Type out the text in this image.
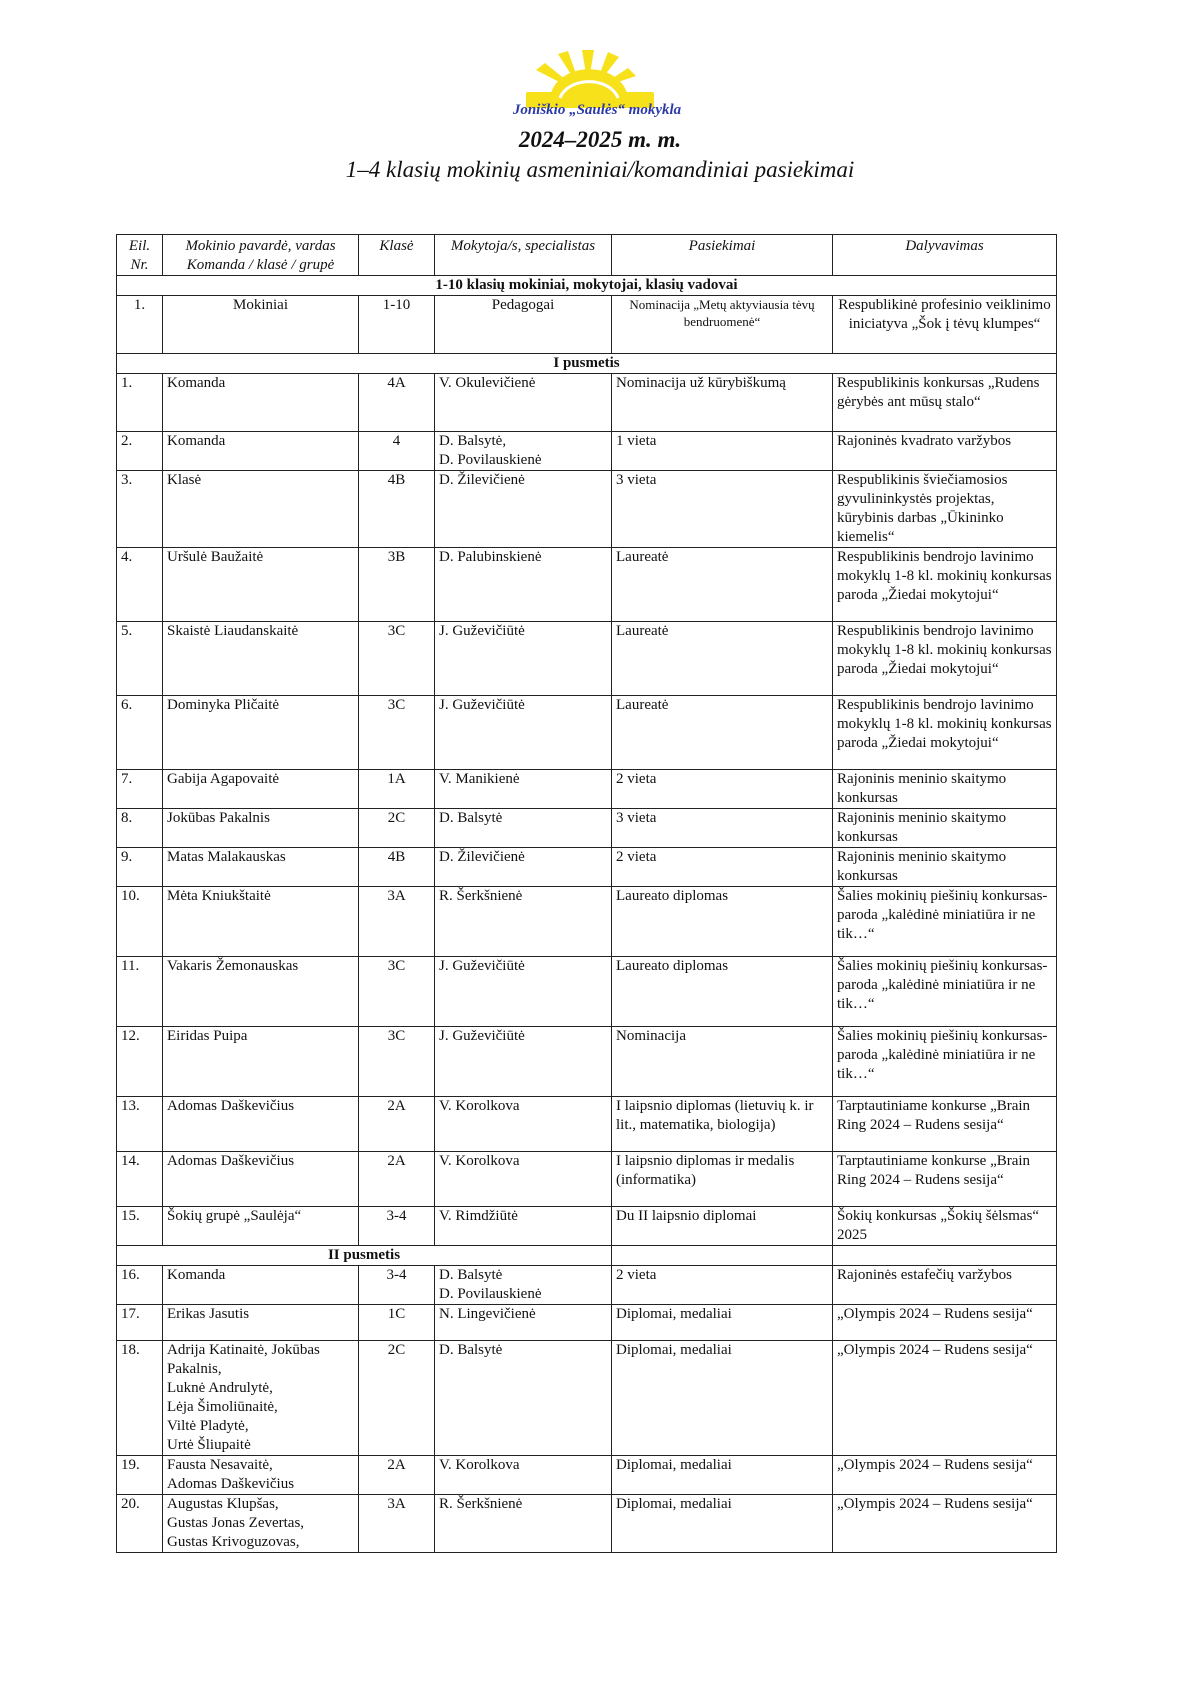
Joniškio „Saulės“ mokykla
2024–2025 m. m.
1–4 klasių mokinių asmeniniai/komandiniai pasiekimai
Eil. Nr.	Mokinio pavardė, vardas Komanda / klasė / grupė	Klasė	Mokytoja/s, specialistas	Pasiekimai	Dalyvavimas
1-10 klasių mokiniai, mokytojai, klasių vadovai					
1.	Mokiniai	1-10	Pedagogai	Nominacija „Metų aktyviausia tėvų bendruomenė“	Respublikinė profesinio veiklinimo iniciatyva „Šok į tėvų klumpes“
I pusmetis					
1.	Komanda	4A	V. Okulevičienė	Nominacija už kūrybiškumą	Respublikinis konkursas „Rudens gėrybės ant mūsų stalo“
2.	Komanda	4	D. Balsytė,
D. Povilauskienė	1 vieta	Rajoninės kvadrato varžybos
3.	Klasė	4B	D. Žilevičienė	3 vieta	Respublikinis šviečiamosios gyvulininkystės projektas, kūrybinis darbas „Ūkininko kiemelis“
4.	Uršulė Baužaitė	3B	D. Palubinskienė	Laureatė	Respublikinis bendrojo lavinimo mokyklų 1-8 kl. mokinių konkursas paroda „Žiedai mokytojui“
5.	Skaistė Liaudanskaitė	3C	J. Guževičiūtė	Laureatė	Respublikinis bendrojo lavinimo mokyklų 1-8 kl. mokinių konkursas paroda „Žiedai mokytojui“
6.	Dominyka Pličaitė	3C	J. Guževičiūtė	Laureatė	Respublikinis bendrojo lavinimo mokyklų 1-8 kl. mokinių konkursas paroda „Žiedai mokytojui“
7.	Gabija Agapovaitė	1A	V. Manikienė	2 vieta	Rajoninis meninio skaitymo konkursas
8.	Jokūbas Pakalnis	2C	D. Balsytė	3 vieta	Rajoninis meninio skaitymo konkursas
9.	Matas Malakauskas	4B	D. Žilevičienė	2 vieta	Rajoninis meninio skaitymo konkursas
10.	Mėta Kniukštaitė	3A	R. Šerkšnienė	Laureato diplomas	Šalies mokinių piešinių konkursas-paroda „kalėdinė miniatiūra ir ne tik…“
11.	Vakaris Žemonauskas	3C	J. Guževičiūtė	Laureato diplomas	Šalies mokinių piešinių konkursas-paroda „kalėdinė miniatiūra ir ne tik…“
12.	Eiridas Puipa	3C	J. Guževičiūtė	Nominacija	Šalies mokinių piešinių konkursas-paroda „kalėdinė miniatiūra ir ne tik…“
13.	Adomas Daškevičius	2A	V. Korolkova	I laipsnio diplomas (lietuvių k. ir lit., matematika, biologija)	Tarptautiniame konkurse „Brain Ring 2024 – Rudens sesija“
14.	Adomas Daškevičius	2A	V. Korolkova	I laipsnio diplomas ir medalis (informatika)	Tarptautiniame konkurse „Brain Ring 2024 – Rudens sesija“
15.	Šokių grupė „Saulėja“	3-4	V. Rimdžiūtė	Du II laipsnio diplomai	Šokių konkursas „Šokių šėlsmas“ 2025
II pusmetis					
16.	Komanda	3-4	D. Balsytė
D. Povilauskienė	2 vieta	Rajoninės estafečių varžybos
17.	Erikas Jasutis	1C	N. Lingevičienė	Diplomai, medaliai	„Olympis 2024 – Rudens sesija“
18.	Adrija Katinaitė, Jokūbas Pakalnis,
Luknė Andrulytė,
Lėja Šimoliūnaitė,
Viltė Pladytė,
Urtė Šliupaitė	2C	D. Balsytė	Diplomai, medaliai	„Olympis 2024 – Rudens sesija“
19.	Fausta Nesavaitė,
Adomas Daškevičius	2A	V. Korolkova	Diplomai, medaliai	„Olympis 2024 – Rudens sesija“
20.	Augustas Klupšas,
Gustas Jonas Zevertas,
Gustas Krivoguzovas,	3A	R. Šerkšnienė	Diplomai, medaliai	„Olympis 2024 – Rudens sesija“
